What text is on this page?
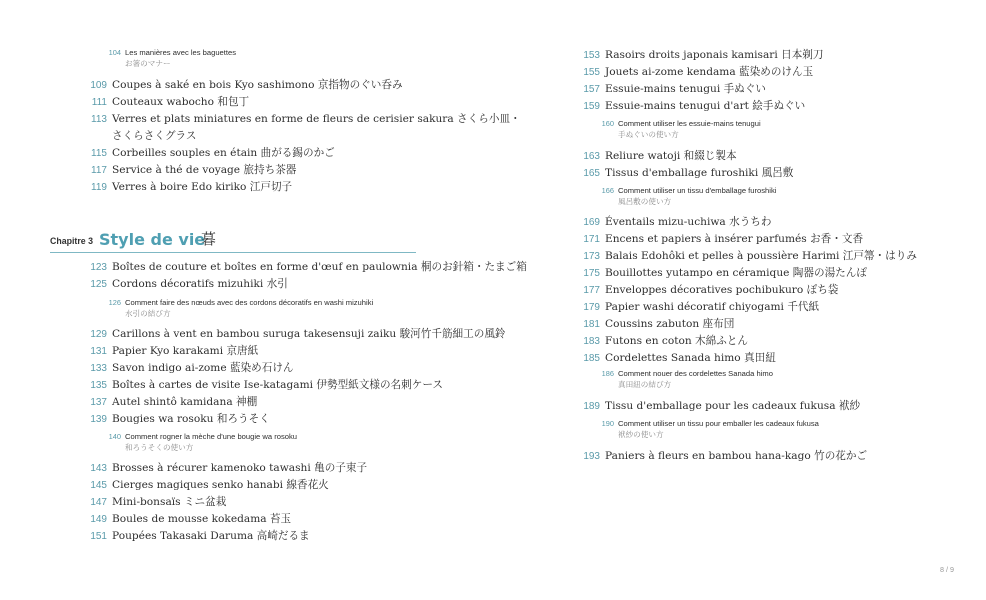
104 Les manières avec les baguettes
お箸のマナー
109 Coupes à saké en bois Kyo sashimono 京指物のぐい呑み
111 Couteaux wabocho 和包丁
113 Verres et plats miniatures en forme de fleurs de cerisier sakura さくら小皿・
さくらさくグラス
115 Corbeilles souples en étain 曲がる錫のかご
117 Service à thé de voyage 旅持ち茶器
119 Verres à boire Edo kiriko 江戸切子
Chapitre 3 Style de vie
暮
123 Boîtes de couture et boîtes en forme d'œuf en paulownia 桐のお針箱・たまご箱
125 Cordons décoratifs mizuhiki 水引
126 Comment faire des nœuds avec des cordons décoratifs en washi mizuhiki
水引の結び方
129 Carillons à vent en bambou suruga takesensuji zaiku 駿河竹千筋細工の風鈴
131 Papier Kyo karakami 京唐紙
133 Savon indigo ai-zome 藍染め石けん
135 Boîtes à cartes de visite Ise-katagami 伊勢型紙文様の名刺ケース
137 Autel shintô kamidana 神棚
139 Bougies wa rosoku 和ろうそく
140 Comment rogner la mèche d'une bougie wa rosoku
和ろうそくの使い方
143 Brosses à récurer kamenoko tawashi 亀の子束子
145 Cierges magiques senko hanabi 線香花火
147 Mini-bonsaïs ミニ盆栽
149 Boules de mousse kokedama 苔玉
151 Poupées Takasaki Daruma 高崎だるま
153 Rasoirs droits japonais kamisari 日本剃刀
155 Jouets ai-zome kendama 藍染めのけん玉
157 Essuie-mains tenugui 手ぬぐい
159 Essuie-mains tenugui d'art 絵手ぬぐい
160 Comment utiliser les essuie-mains tenugui
手ぬぐいの使い方
163 Reliure watoji 和綴じ製本
165 Tissus d'emballage furoshiki 風呂敷
166 Comment utiliser un tissu d'emballage furoshiki
風呂敷の使い方
169 Éventails mizu-uchiwa 水うちわ
171 Encens et papiers à insérer parfumés お香・文香
173 Balais Edohôki et pelles à poussière Harimi 江戸箒・はりみ
175 Bouillottes yutampo en céramique 陶器の湯たんぽ
177 Enveloppes décoratives pochibukuro ぽち袋
179 Papier washi décoratif chiyogami 千代紙
181 Coussins zabuton 座布団
183 Futons en coton 木綿ふとん
185 Cordelettes Sanada himo 真田紐
186 Comment nouer des cordelettes Sanada himo
真田紐の結び方
189 Tissu d'emballage pour les cadeaux fukusa 袱紗
190 Comment utiliser un tissu pour emballer les cadeaux fukusa
袱紗の使い方
193 Paniers à fleurs en bambou hana-kago 竹の花かご
8 / 9
